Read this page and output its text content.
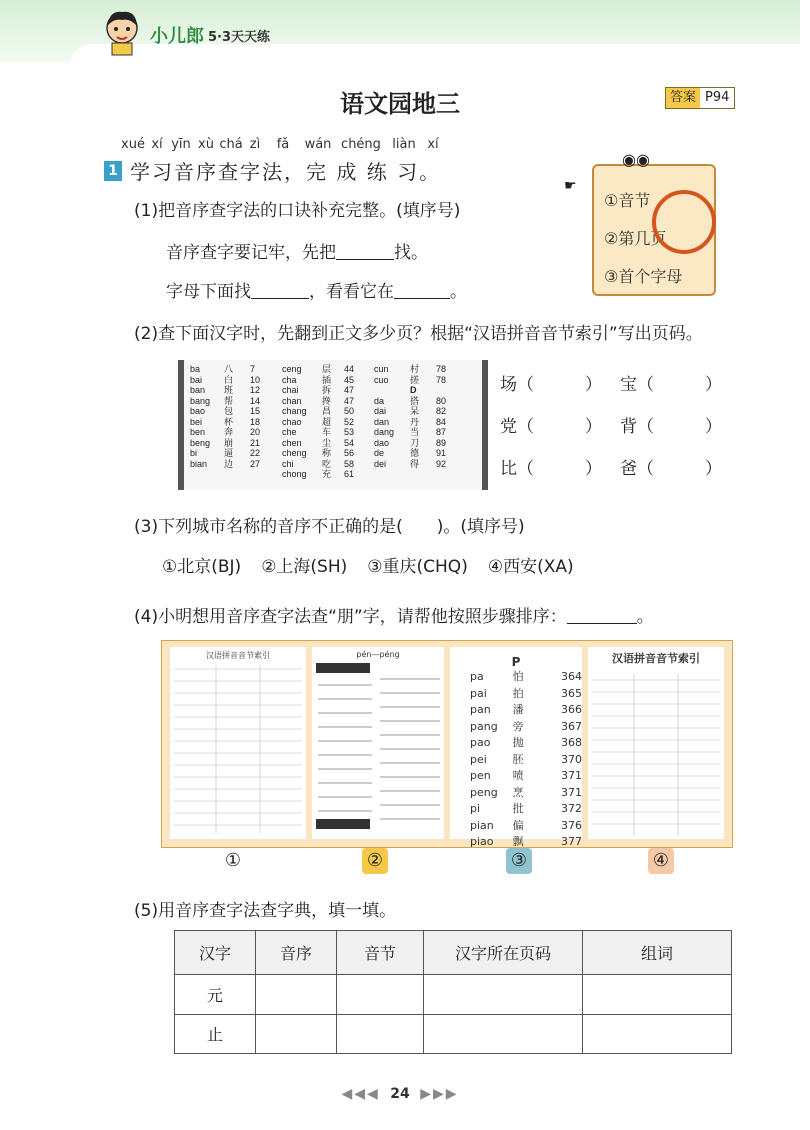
小儿郎 5·3天天练
语文园地三	答案 P94
xué xí yīn xù chá zì	fǎ	wán chéng liàn xí
1 学习音序查字法，完 成 练 习。
(1)把音序查字法的口诀补充完整。(填序号)
音序查字要记牢，先把	找。
字母下面找	，看看它在	。
①音节
②第几页
③首个字母
◉◉
☛
(2)查下面汉字时，先翻到正文多少页？根据“汉语拼音音节索引”写出页码。
ba	八 7
bai 白 10
ban 班 12
bang 帮 14
bao 包 15
bei 杯 18
ben 奔 20
beng 崩 21
bi	逼 22
bian 边 27
ceng 层 44
cha	插 45
chai	拆 47
chan 搀 47
chang 昌 50
chao 超 52
che	车 53
chen 尘 54
cheng 称 56
chi	吃 58
chong 充 61
cun 村 78
cuo 搓 78
D
da	搭 80
dai	呆 82
dan 丹 84
dang 当 87
dao 刀 89
de	德 91
dei	得 92
场（　　　） 宝（　　　）
党（　　　） 背（　　　）
比（　　　） 爸（　　　）
(3)下列城市名称的音序不正确的是(　　)。(填序号)
①北京(BJ) ②上海(SH) ③重庆(CHQ) ④西安(XA)
(4)小明想用音序查字法查“朋”字，请帮他按照步骤排序：	。
汉语拼音音节索引	pén—péng
P
pa	怕	364
pai	拍	365
pan	潘	366
pang	旁	367
pao	抛	368
pei	胚	370
pen	喷	371
peng	烹	371
pi	批	372
pian	偏	376
piao	飘	377
汉语拼音音节索引
①	②	③	④
(5)用音序查字法查字典，填一填。
汉字	音序	音节	汉字所在页码	组词
元				
止				
◀◀◀ 24 ▶▶▶
